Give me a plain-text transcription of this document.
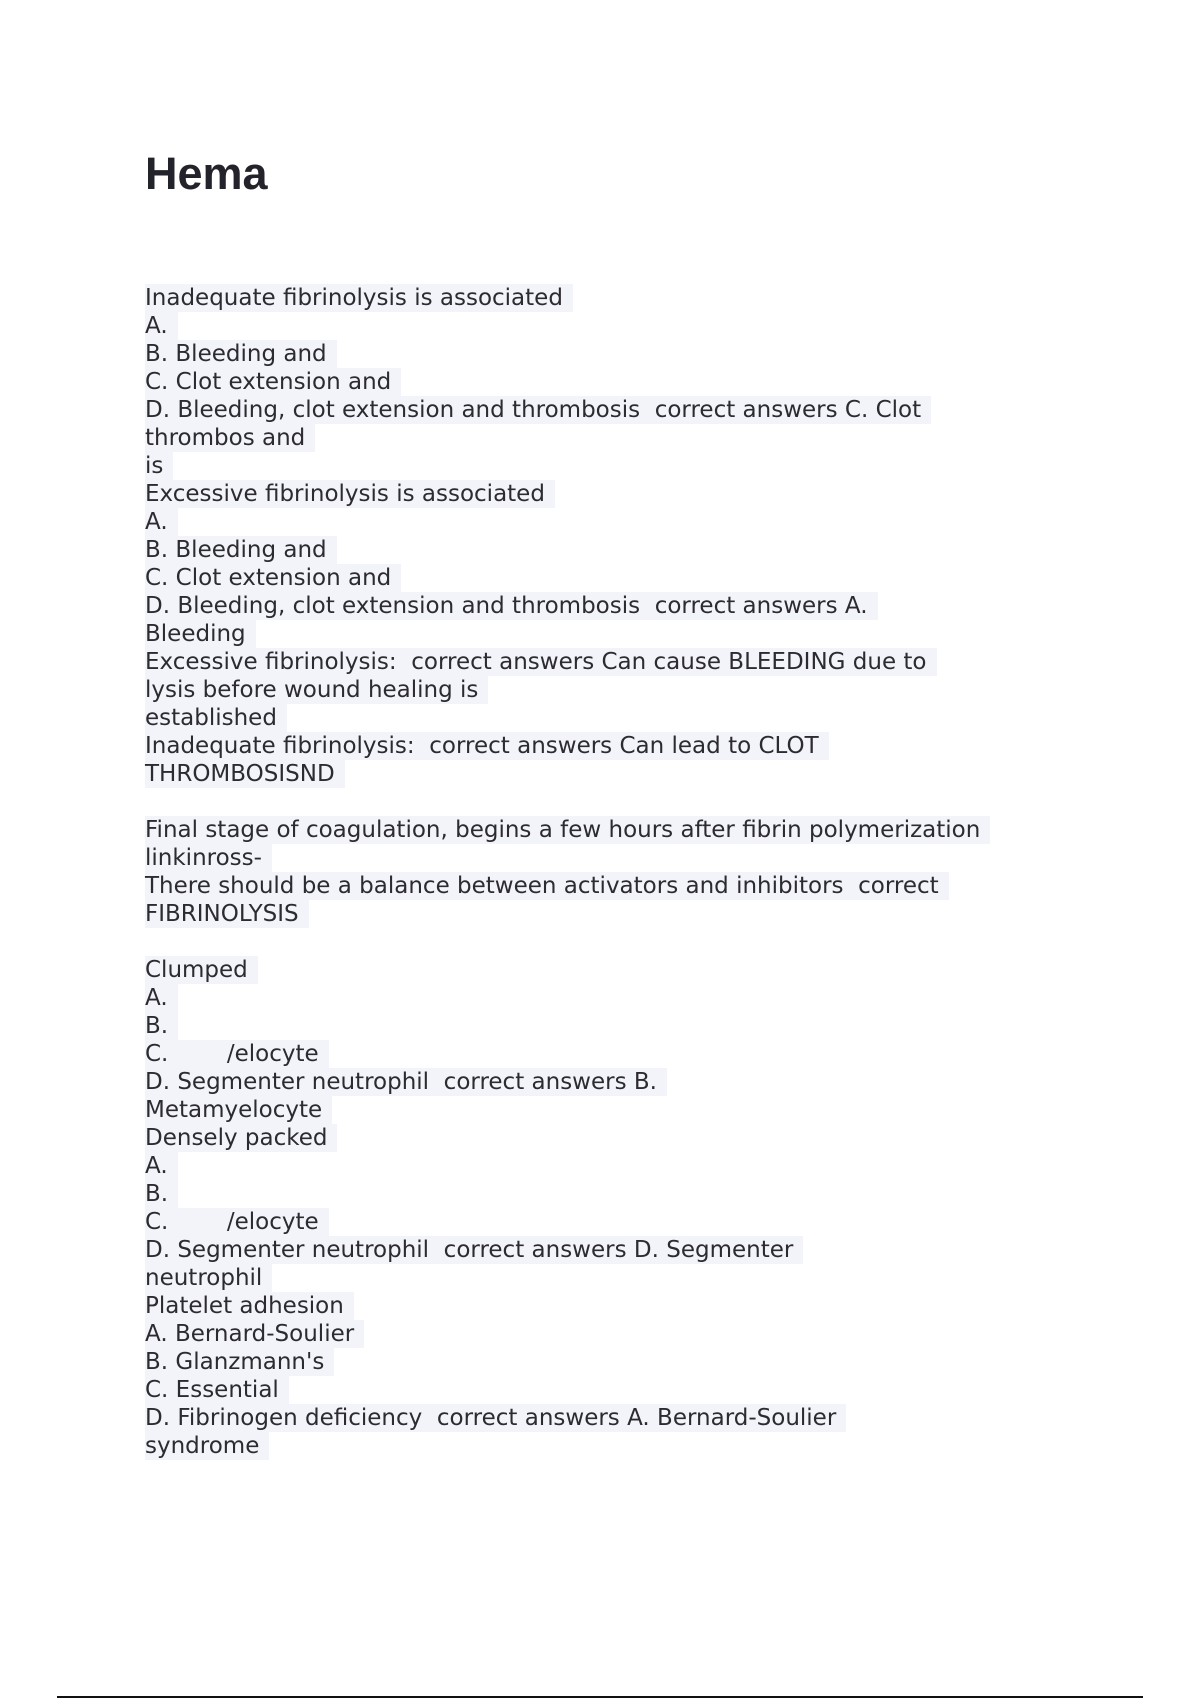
Hema
Inadequate fibrinolysis is associated
A.
B. Bleeding and
C. Clot extension and
D. Bleeding, clot extension and thrombosis  correct answers C. Clot
thrombos and
is
Excessive fibrinolysis is associated
A.
B. Bleeding and
C. Clot extension and
D. Bleeding, clot extension and thrombosis  correct answers A.
Bleeding
Excessive fibrinolysis:  correct answers Can cause BLEEDING due to
lysis before wound healing is
established
Inadequate fibrinolysis:  correct answers Can lead to CLOT
THROMBOSISND
Final stage of coagulation, begins a few hours after fibrin polymerization
linkinross-
There should be a balance between activators and inhibitors  correct
FIBRINOLYSIS
Clumped
A.
B.
C.        /elocyte
D. Segmenter neutrophil  correct answers B.
Metamyelocyte
Densely packed
A.
B.
C.        /elocyte
D. Segmenter neutrophil  correct answers D. Segmenter
neutrophil
Platelet adhesion
A. Bernard-Soulier
B. Glanzmann's
C. Essential
D. Fibrinogen deficiency  correct answers A. Bernard-Soulier
syndrome
